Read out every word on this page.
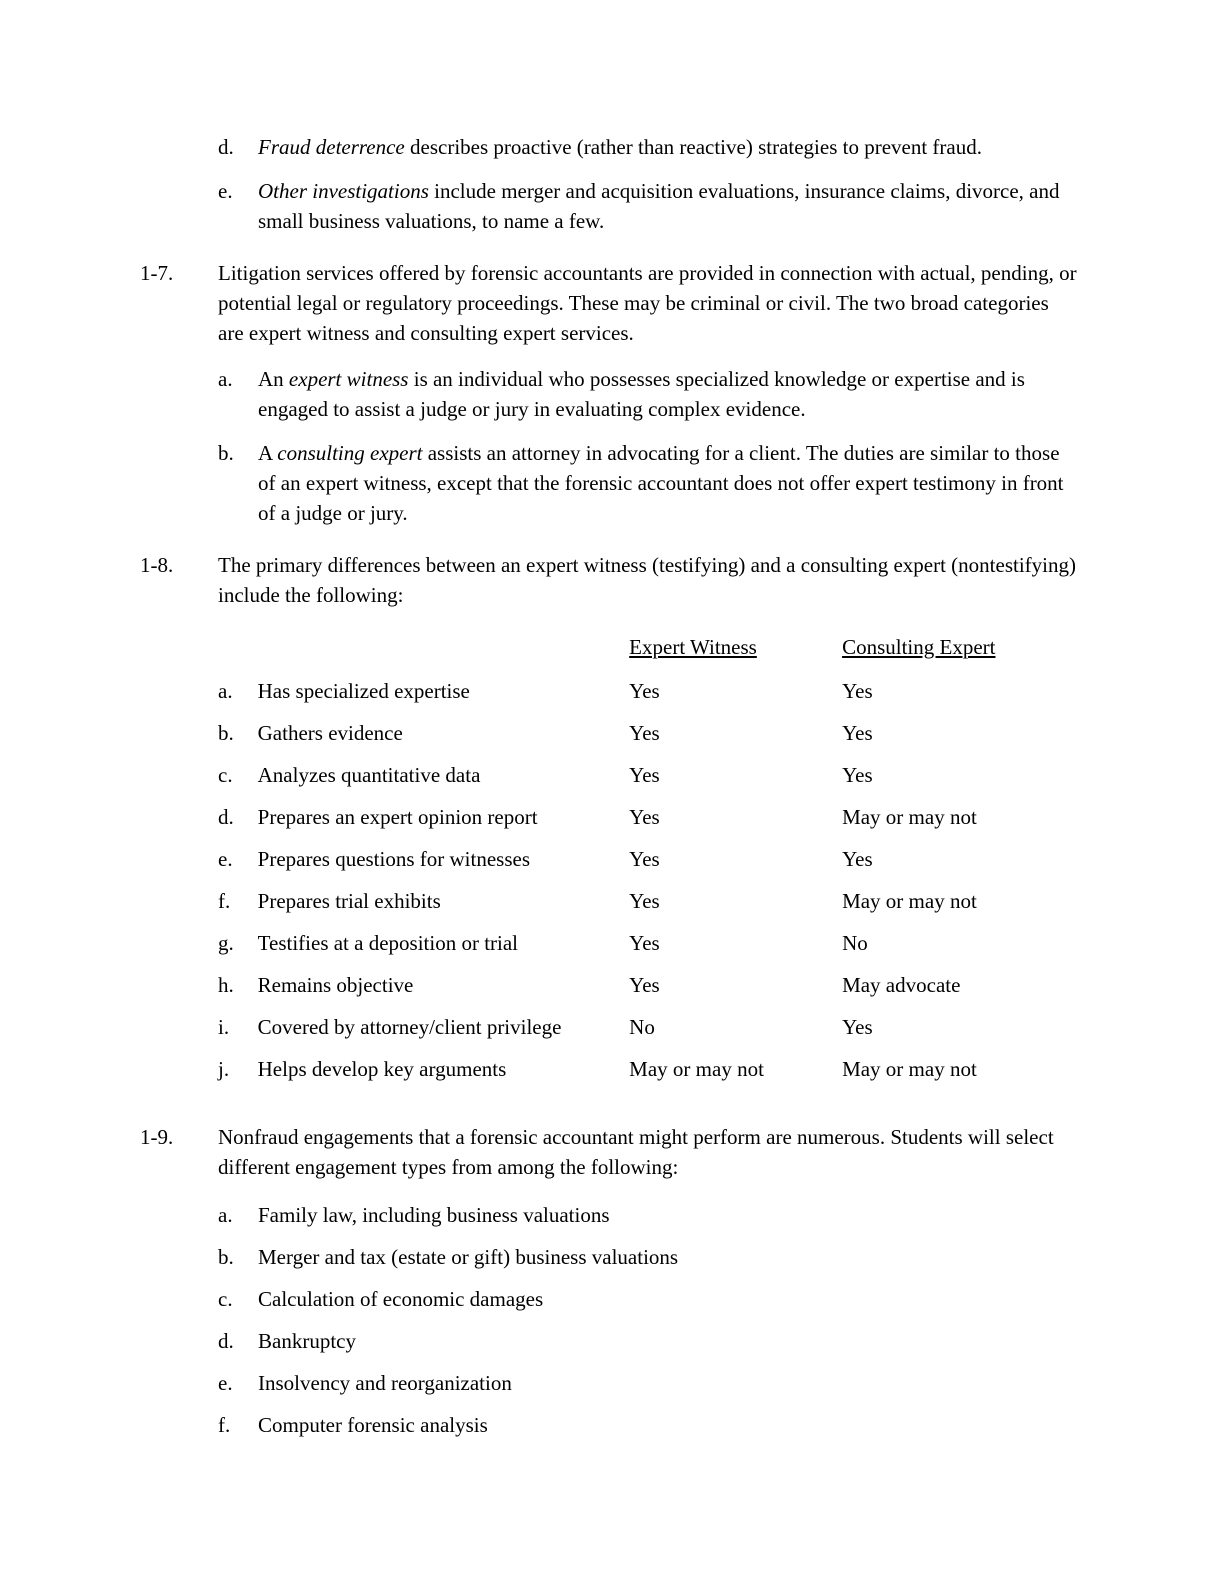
d.	Fraud deterrence describes proactive (rather than reactive) strategies to prevent fraud.
e.	Other investigations include merger and acquisition evaluations, insurance claims, divorce, and small business valuations, to name a few.
1-7.	Litigation services offered by forensic accountants are provided in connection with actual, pending, or potential legal or regulatory proceedings. These may be criminal or civil. The two broad categories are expert witness and consulting expert services.
a.	An expert witness is an individual who possesses specialized knowledge or expertise and is engaged to assist a judge or jury in evaluating complex evidence.
b.	A consulting expert assists an attorney in advocating for a client. The duties are similar to those of an expert witness, except that the forensic accountant does not offer expert testimony in front of a judge or jury.
1-8.	The primary differences between an expert witness (testifying) and a consulting expert (nontestifying) include the following:
		Expert Witness	Consulting Expert
a.	Has specialized expertise	Yes	Yes
b.	Gathers evidence	Yes	Yes
c.	Analyzes quantitative data	Yes	Yes
d.	Prepares an expert opinion report	Yes	May or may not
e.	Prepares questions for witnesses	Yes	Yes
f.	Prepares trial exhibits	Yes	May or may not
g.	Testifies at a deposition or trial	Yes	No
h.	Remains objective	Yes	May advocate
i.	Covered by attorney/client privilege	No	Yes
j.	Helps develop key arguments	May or may not	May or may not
1-9.	Nonfraud engagements that a forensic accountant might perform are numerous. Students will select different engagement types from among the following:
a.	Family law, including business valuations
b.	Merger and tax (estate or gift) business valuations
c.	Calculation of economic damages
d.	Bankruptcy
e.	Insolvency and reorganization
f.	Computer forensic analysis
